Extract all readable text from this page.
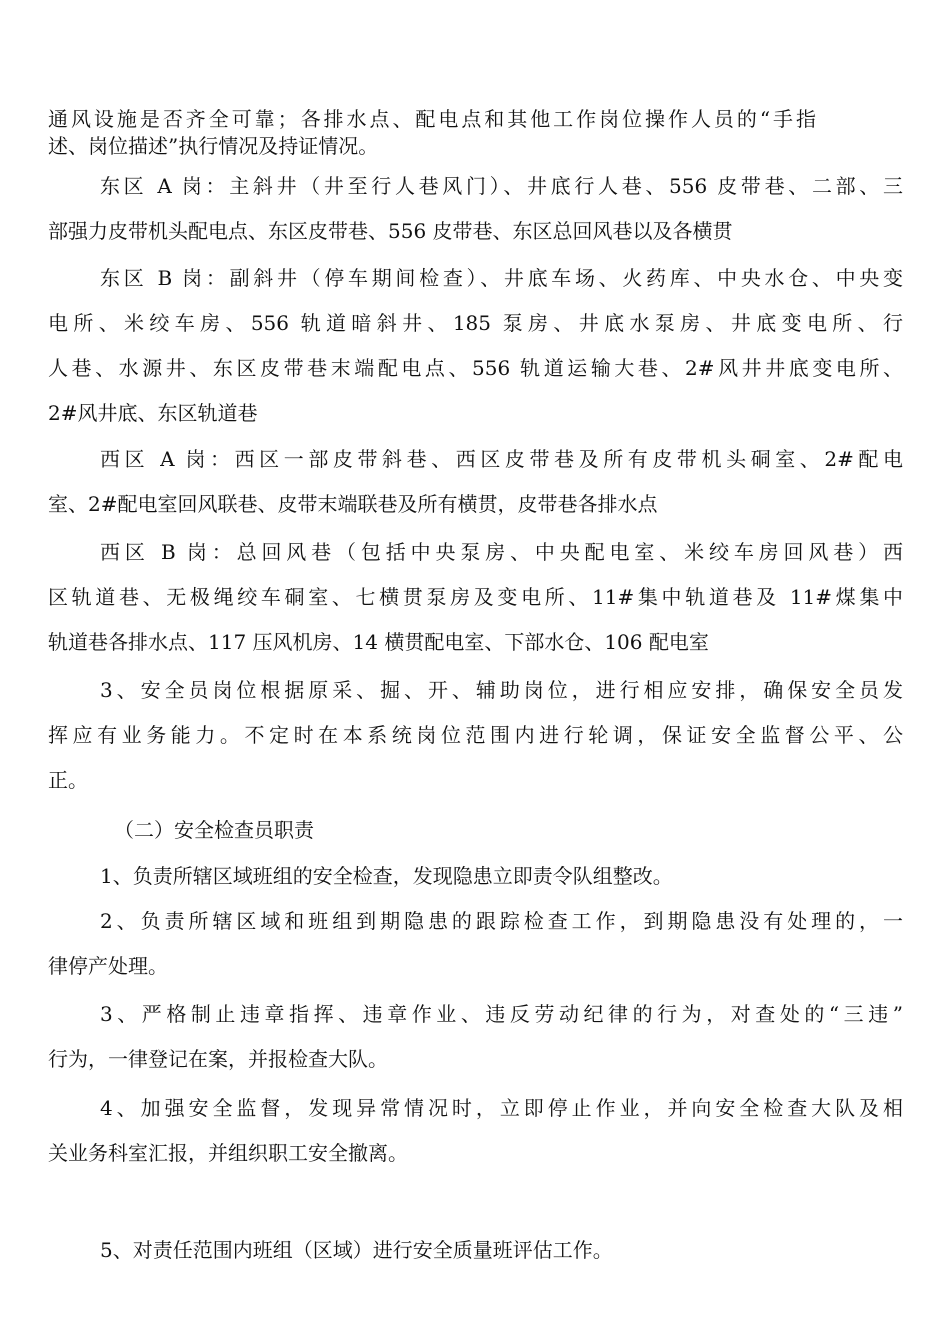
通风设施是否齐全可靠；各排水点、配电点和其他工作岗位操作人员的“手指
述、岗位描述”执行情况及持证情况。
东区 A 岗：主斜井（井至行人巷风门）、井底行人巷、556 皮带巷、二部、三
部强力皮带机头配电点、东区皮带巷、556 皮带巷、东区总回风巷以及各横贯
东区 B 岗：副斜井（停车期间检查）、井底车场、火药库、中央水仓、中央变
电所、米绞车房、556 轨道暗斜井、185 泵房、井底水泵房、井底变电所、行
人巷、水源井、东区皮带巷末端配电点、556 轨道运输大巷、2#风井井底变电所、
2#风井底、东区轨道巷
西区 A 岗：西区一部皮带斜巷、西区皮带巷及所有皮带机头硐室、2#配电
室、2#配电室回风联巷、皮带末端联巷及所有横贯，皮带巷各排水点
西区 B 岗：总回风巷（包括中央泵房、中央配电室、米绞车房回风巷）西
区轨道巷、无极绳绞车硐室、七横贯泵房及变电所、11#集中轨道巷及 11#煤集中
轨道巷各排水点、117 压风机房、14 横贯配电室、下部水仓、106 配电室
3、安全员岗位根据原采、掘、开、辅助岗位，进行相应安排，确保安全员发
挥应有业务能力。不定时在本系统岗位范围内进行轮调，保证安全监督公平、公
正。
（二）安全检查员职责
1、负责所辖区域班组的安全检查，发现隐患立即责令队组整改。
2、负责所辖区域和班组到期隐患的跟踪检查工作，到期隐患没有处理的，一
律停产处理。
3、严格制止违章指挥、违章作业、违反劳动纪律的行为，对查处的“三违”
行为，一律登记在案，并报检查大队。
4、加强安全监督，发现异常情况时，立即停止作业，并向安全检查大队及相
关业务科室汇报，并组织职工安全撤离。
5、对责任范围内班组（区域）进行安全质量班评估工作。
